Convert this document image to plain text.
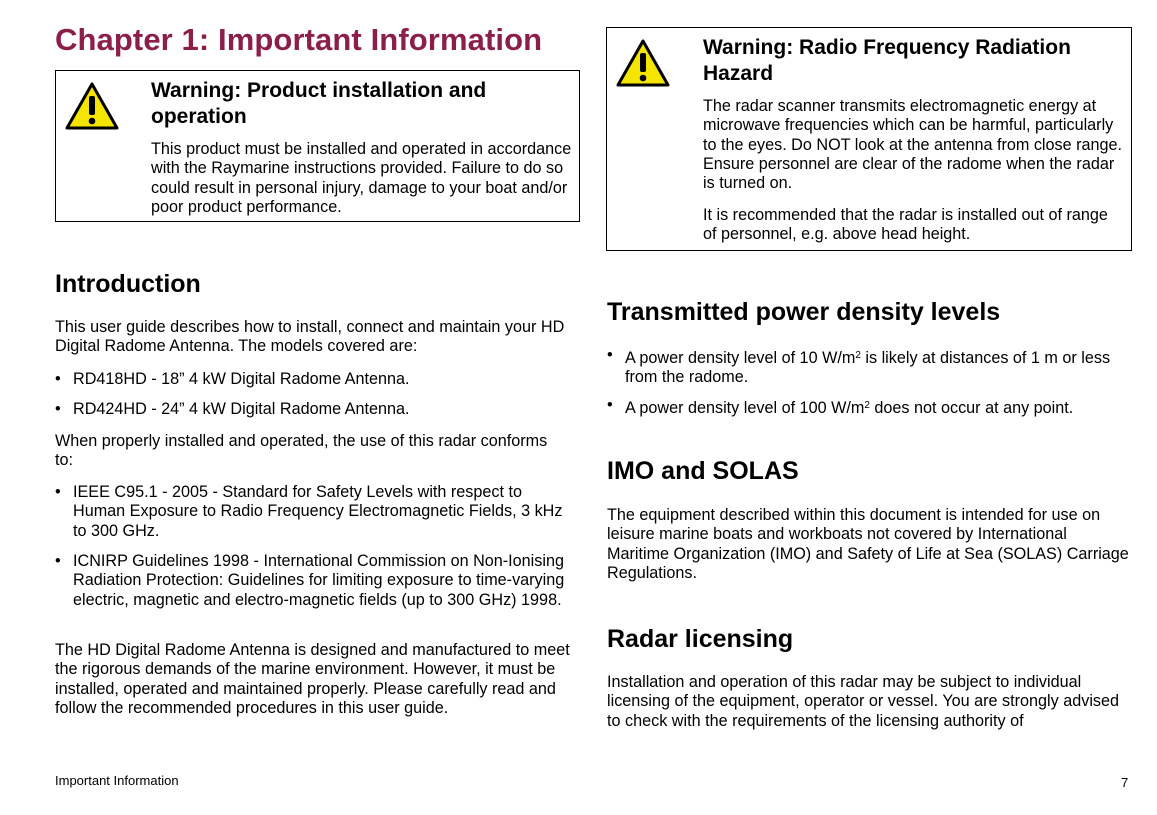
Chapter 1: Important Information
Warning: Product installation and operation

This product must be installed and operated in accordance with the Raymarine instructions provided. Failure to do so could result in personal injury, damage to your boat and/or poor product performance.

Warning: Radio Frequency Radiation Hazard

The radar scanner transmits electromagnetic energy at microwave frequencies which can be harmful, particularly to the eyes. Do NOT look at the antenna from close range. Ensure personnel are clear of the radome when the radar is turned on.

It is recommended that the radar is installed out of range of personnel, e.g. above head height.

Introduction

This user guide describes how to install, connect and maintain your HD Digital Radome Antenna. The models covered are:

• RD418HD - 18” 4 kW Digital Radome Antenna.
• RD424HD - 24” 4 kW Digital Radome Antenna.

When properly installed and operated, the use of this radar conforms to:

• IEEE C95.1 - 2005 - Standard for Safety Levels with respect to Human Exposure to Radio Frequency Electromagnetic Fields, 3 kHz to 300 GHz.
• ICNIRP Guidelines 1998 - International Commission on Non-Ionising Radiation Protection: Guidelines for limiting exposure to time-varying electric, magnetic and electro-magnetic fields (up to 300 GHz) 1998.

The HD Digital Radome Antenna is designed and manufactured to meet the rigorous demands of the marine environment. However, it must be installed, operated and maintained properly. Please carefully read and follow the recommended procedures in this user guide.

Transmitted power density levels
• A power density level of 10 $W/m^2$ is likely at distances of 1 m or less from the radome.
• A power density level of 100 $W/m^2$ does not occur at any point.
IMO and SOLAS

The equipment described within this document is intended for use on leisure marine boats and workboats not covered by International Maritime Organization (IMO) and Safety of Life at Sea (SOLAS) Carriage Regulations.

Radar licensing

Installation and operation of this radar may be subject to individual licensing of the equipment, operator or vessel. You are strongly advised to check with the requirements of the licensing authority of

Important Information	7
